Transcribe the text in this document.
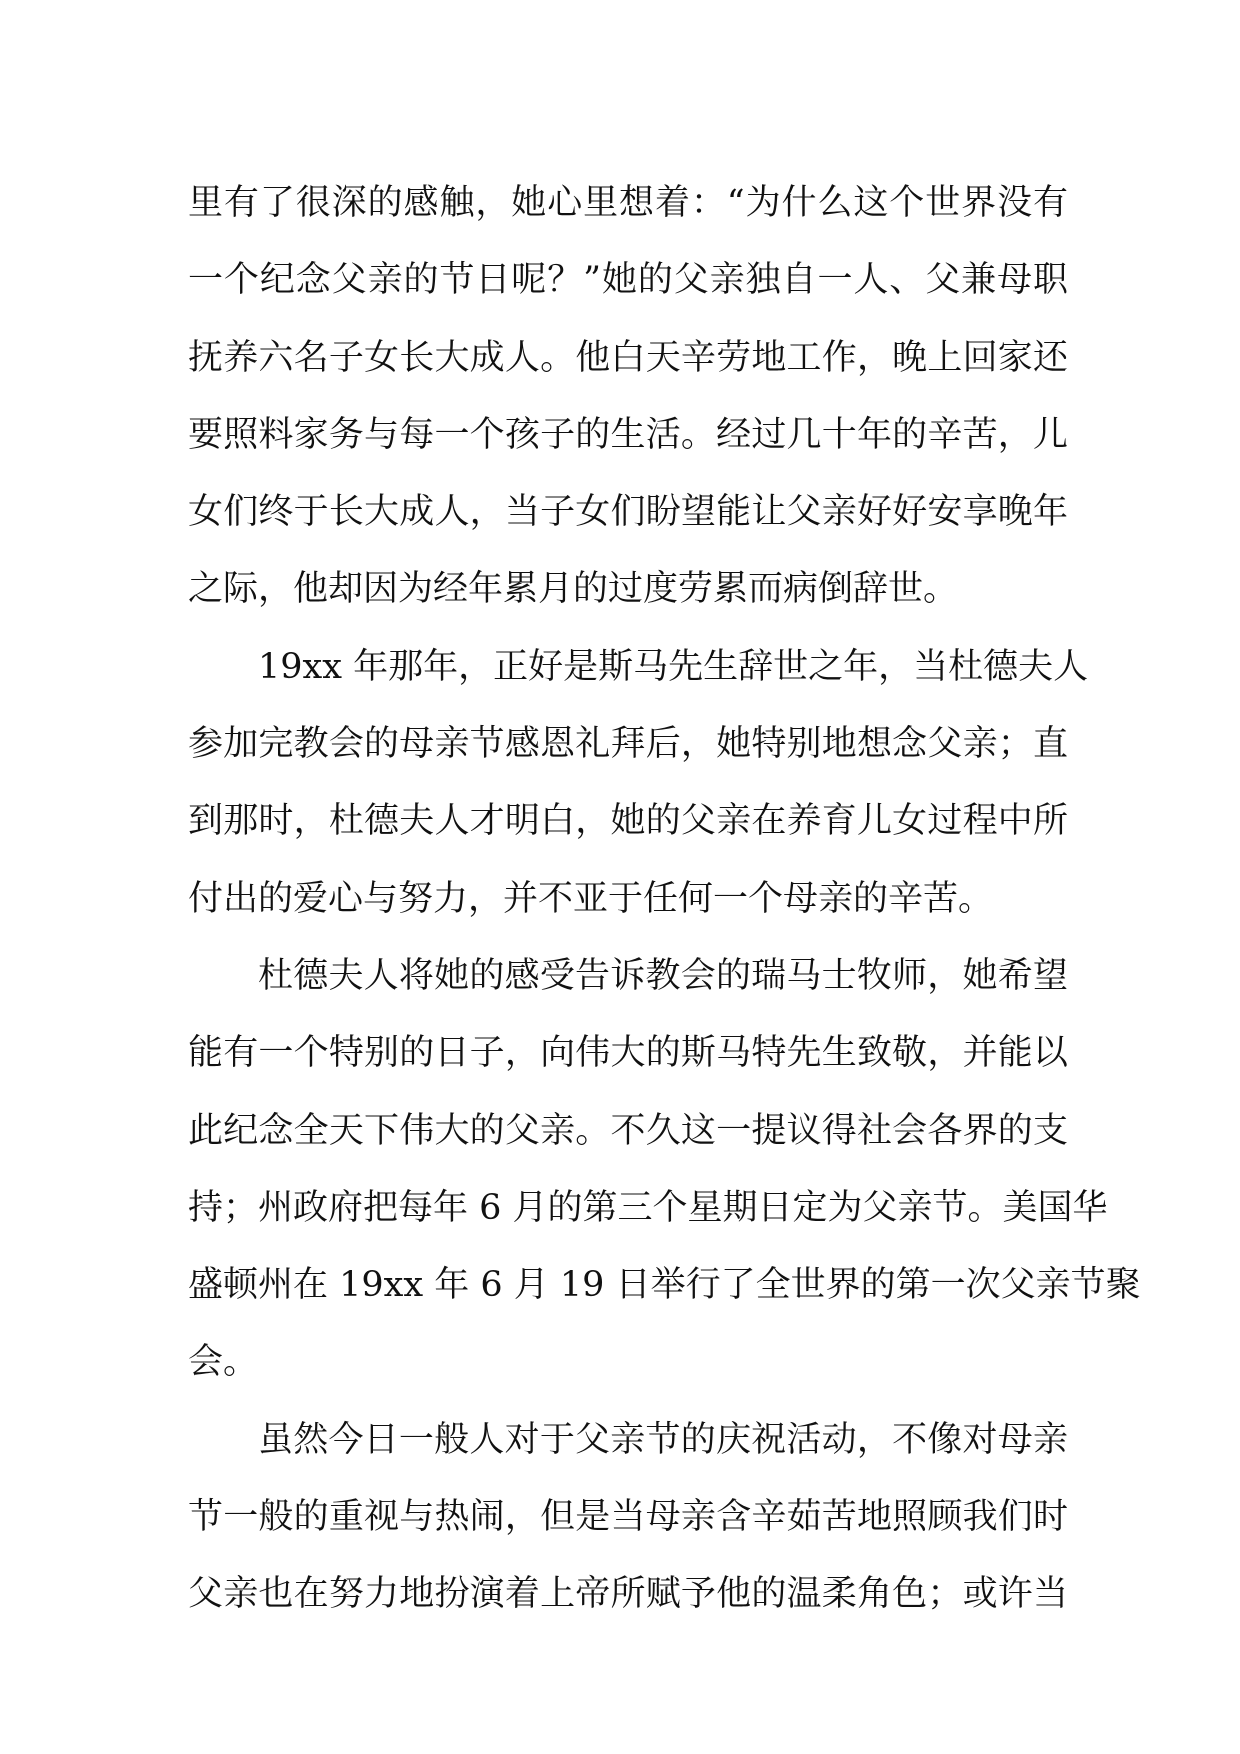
里有了很深的感触，她心里想着：“为什么这个世界没有
一个纪念父亲的节日呢？”她的父亲独自一人、父兼母职
抚养六名子女长大成人。他白天辛劳地工作，晚上回家还
要照料家务与每一个孩子的生活。经过几十年的辛苦，儿
女们终于长大成人，当子女们盼望能让父亲好好安享晚年
之际，他却因为经年累月的过度劳累而病倒辞世。
19xx 年那年，正好是斯马先生辞世之年，当杜德夫人
参加完教会的母亲节感恩礼拜后，她特别地想念父亲；直
到那时，杜德夫人才明白，她的父亲在养育儿女过程中所
付出的爱心与努力，并不亚于任何一个母亲的辛苦。
杜德夫人将她的感受告诉教会的瑞马士牧师，她希望
能有一个特别的日子，向伟大的斯马特先生致敬，并能以
此纪念全天下伟大的父亲。不久这一提议得社会各界的支
持；州政府把每年 6 月的第三个星期日定为父亲节。美国华
盛顿州在 19xx 年 6 月 19 日举行了全世界的第一次父亲节聚
会。
虽然今日一般人对于父亲节的庆祝活动，不像对母亲
节一般的重视与热闹，但是当母亲含辛茹苦地照顾我们时
父亲也在努力地扮演着上帝所赋予他的温柔角色；或许当
